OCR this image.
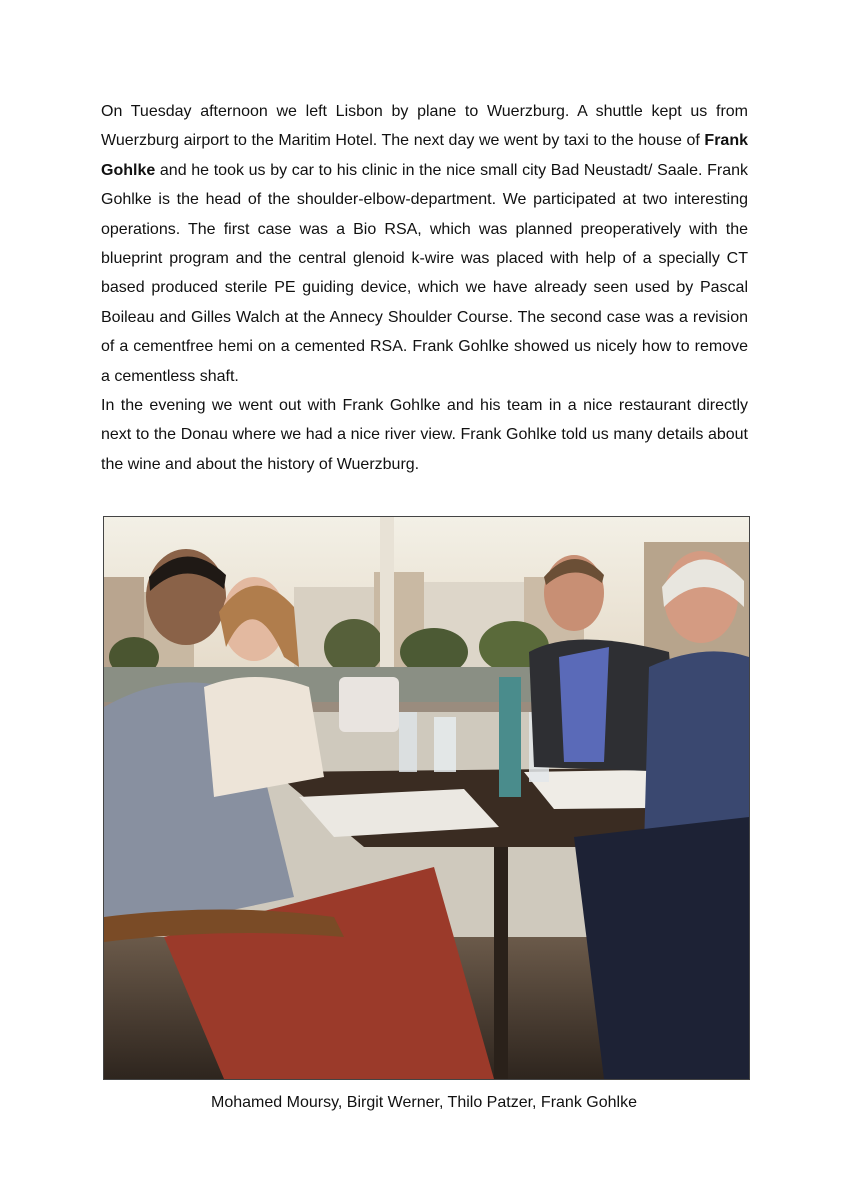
On Tuesday afternoon we left Lisbon by plane to Wuerzburg. A shuttle kept us from Wuerzburg airport to the Maritim Hotel. The next day we went by taxi to the house of Frank Gohlke and he took us by car to his clinic in the nice small city Bad Neustadt/ Saale. Frank Gohlke is the head of the shoulder-elbow-department. We participated at two interesting operations. The first case was a Bio RSA, which was planned preoperatively with the blueprint program and the central glenoid k-wire was placed with help of a specially CT based produced sterile PE guiding device, which we have already seen used by Pascal Boileau and Gilles Walch at the Annecy Shoulder Course. The second case was a revision of a cementfree hemi on a cemented RSA. Frank Gohlke showed us nicely how to remove a cementless shaft.

In the evening we went out with Frank Gohlke and his team in a nice restaurant directly next to the Donau where we had a nice river view. Frank Gohlke told us many details about the wine and about the history of Wuerzburg.

Mohamed Moursy, Birgit Werner, Thilo Patzer, Frank Gohlke
